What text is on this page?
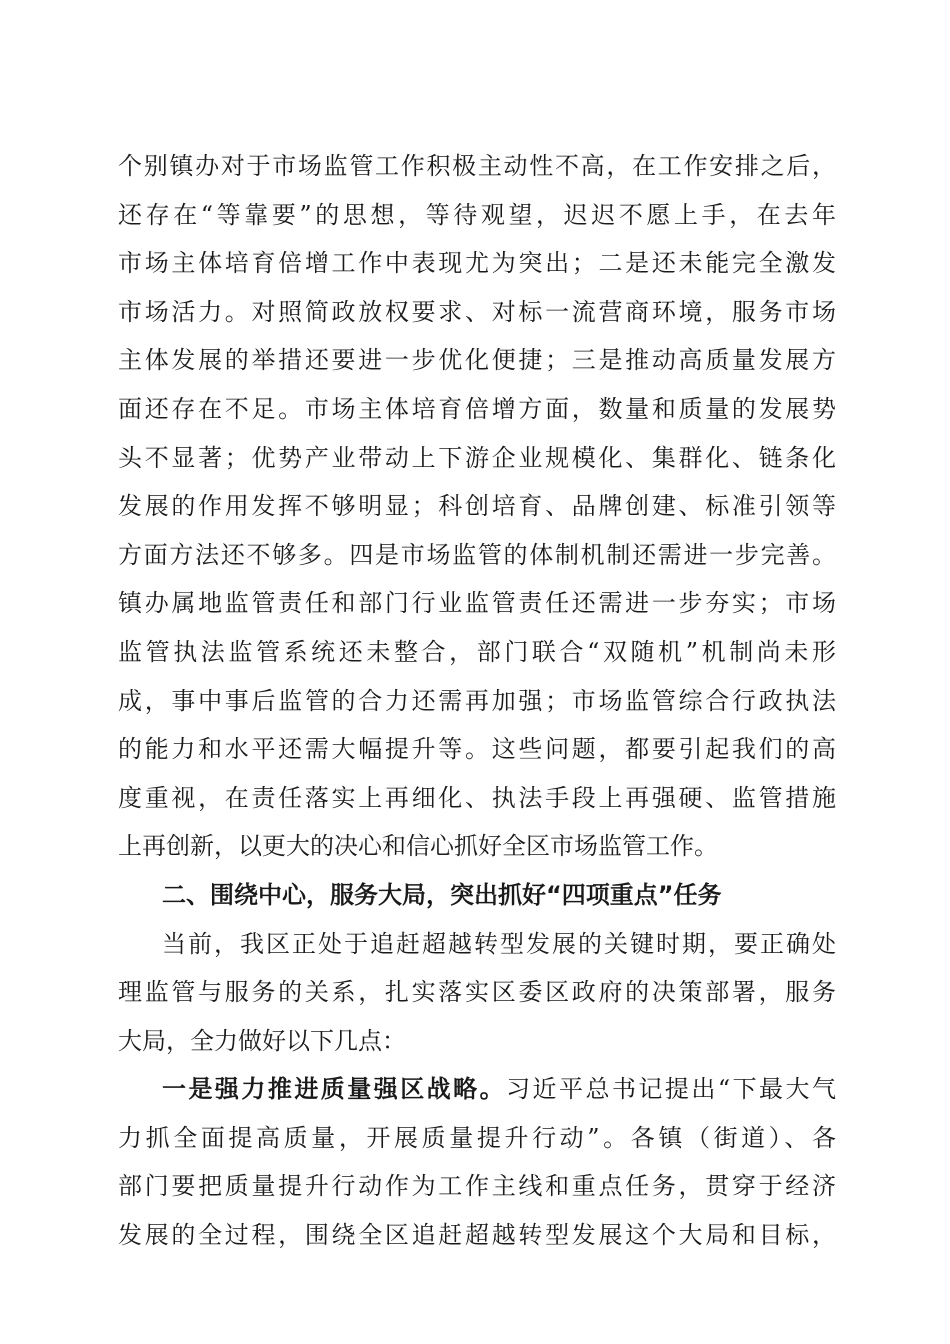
个别镇办对于市场监管工作积极主动性不高，在工作安排之后，
还存在“等靠要”的思想，等待观望，迟迟不愿上手，在去年
市场主体培育倍增工作中表现尤为突出；二是还未能完全激发
市场活力。对照简政放权要求、对标一流营商环境，服务市场
主体发展的举措还要进一步优化便捷；三是推动高质量发展方
面还存在不足。市场主体培育倍增方面，数量和质量的发展势
头不显著；优势产业带动上下游企业规模化、集群化、链条化
发展的作用发挥不够明显；科创培育、品牌创建、标准引领等
方面方法还不够多。四是市场监管的体制机制还需进一步完善。
镇办属地监管责任和部门行业监管责任还需进一步夯实；市场
监管执法监管系统还未整合，部门联合“双随机”机制尚未形
成，事中事后监管的合力还需再加强；市场监管综合行政执法
的能力和水平还需大幅提升等。这些问题，都要引起我们的高
度重视，在责任落实上再细化、执法手段上再强硬、监管措施
上再创新，以更大的决心和信心抓好全区市场监管工作。
二、围绕中心，服务大局，突出抓好“四项重点”任务
当前，我区正处于追赶超越转型发展的关键时期，要正确处
理监管与服务的关系，扎实落实区委区政府的决策部署，服务
大局，全力做好以下几点：
一是强力推进质量强区战略。习近平总书记提出“下最大气
力抓全面提高质量，开展质量提升行动”。各镇（街道）、各
部门要把质量提升行动作为工作主线和重点任务，贯穿于经济
发展的全过程，围绕全区追赶超越转型发展这个大局和目标，
